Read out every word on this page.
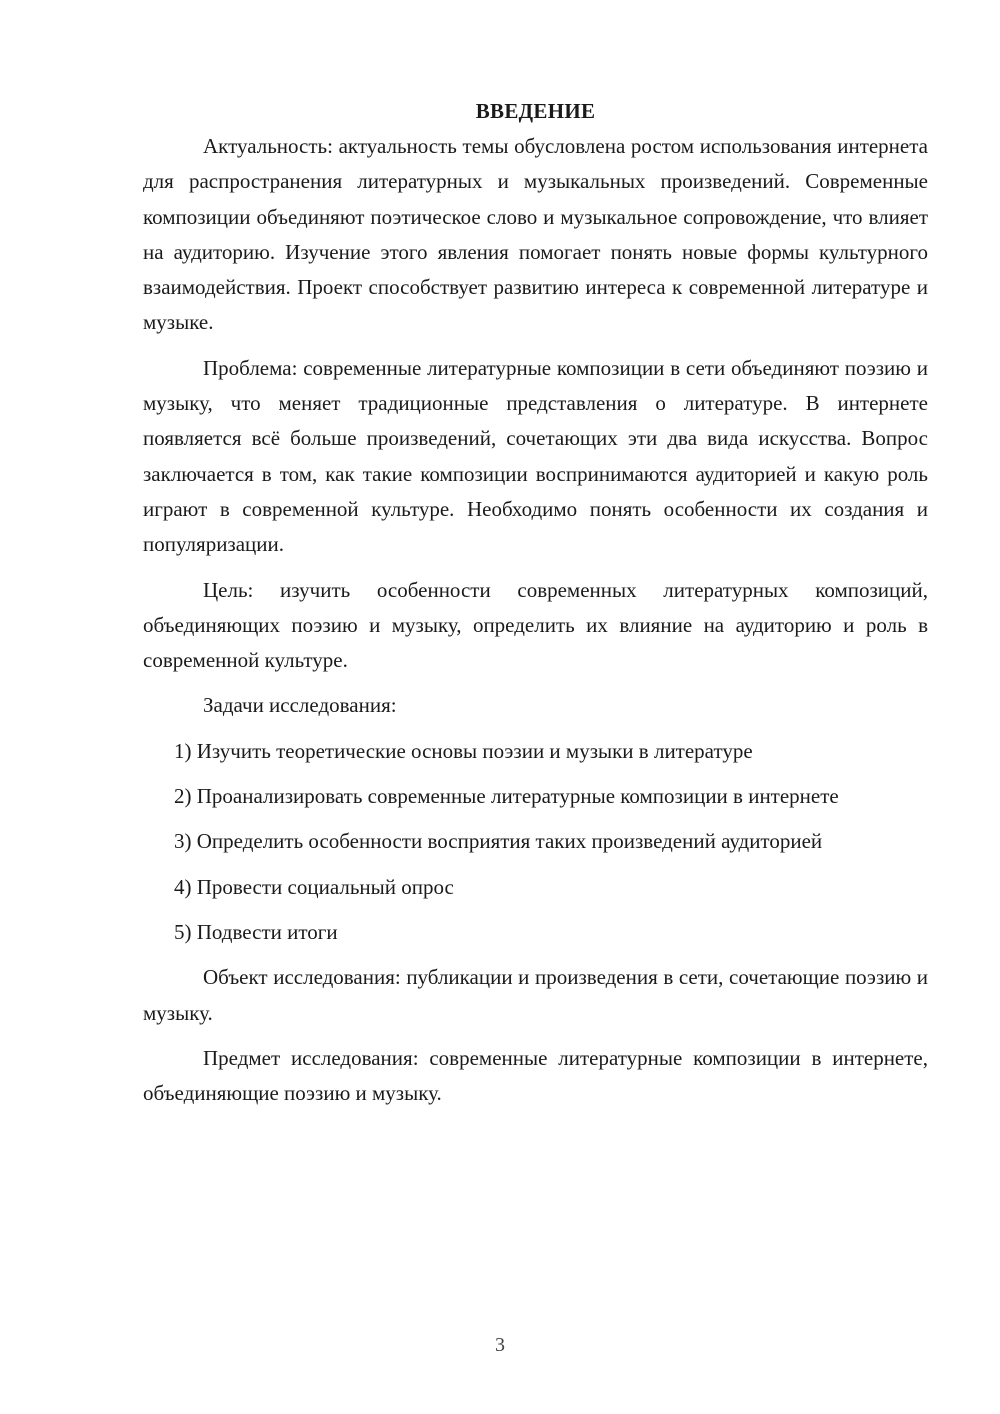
ВВЕДЕНИЕ

Актуальность: актуальность темы обусловлена ростом использования интернета для распространения литературных и музыкальных произведений. Современные композиции объединяют поэтическое слово и музыкальное сопровождение, что влияет на аудиторию. Изучение этого явления помогает понять новые формы культурного взаимодействия. Проект способствует развитию интереса к современной литературе и музыке.

Проблема: современные литературные композиции в сети объединяют поэзию и музыку, что меняет традиционные представления о литературе. В интернете появляется всё больше произведений, сочетающих эти два вида искусства. Вопрос заключается в том, как такие композиции воспринимаются аудиторией и какую роль играют в современной культуре. Необходимо понять особенности их создания и популяризации.

Цель: изучить особенности современных литературных композиций, объединяющих поэзию и музыку, определить их влияние на аудиторию и роль в современной культуре.

Задачи исследования:

1) Изучить теоретические основы поэзии и музыки в литературе

2) Проанализировать современные литературные композиции в интернете

3) Определить особенности восприятия таких произведений аудиторией

4) Провести социальный опрос

5) Подвести итоги

Объект исследования: публикации и произведения в сети, сочетающие поэзию и музыку.

Предмет исследования: современные литературные композиции в интернете, объединяющие поэзию и музыку.

3
